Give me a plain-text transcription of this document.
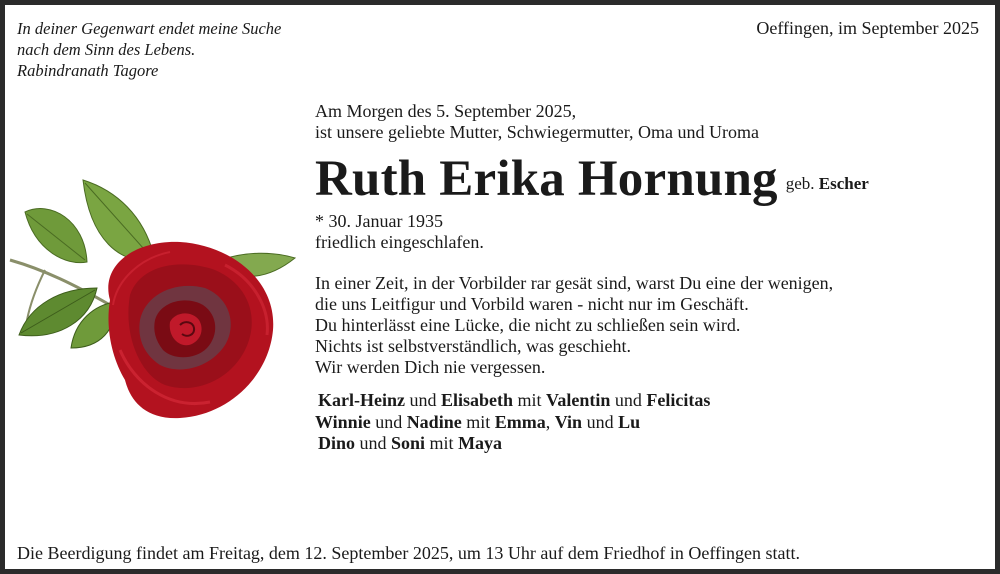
In deiner Gegenwart endet meine Suche
nach dem Sinn des Lebens.
Rabindranath Tagore
Oeffingen, im September 2025

Am Morgen des 5. September 2025,

ist unsere geliebte Mutter, Schwiegermutter, Oma und Uroma

Ruth Erika Hornung geb. Escher

* 30. Januar 1935

friedlich eingeschlafen.

In einer Zeit, in der Vorbilder rar gesät sind, warst Du eine der wenigen,

die uns Leitfigur und Vorbild waren - nicht nur im Geschäft.

Du hinterlässt eine Lücke, die nicht zu schließen sein wird.

Nichts ist selbstverständlich, was geschieht.

Wir werden Dich nie vergessen.

Karl-Heinz und Elisabeth mit Valentin und Felicitas
Winnie und Nadine mit Emma, Vin und Lu
Dino und Soni mit Maya
Die Beerdigung findet am Freitag, dem 12. September 2025, um 13 Uhr auf dem Friedhof in Oeffingen statt.
